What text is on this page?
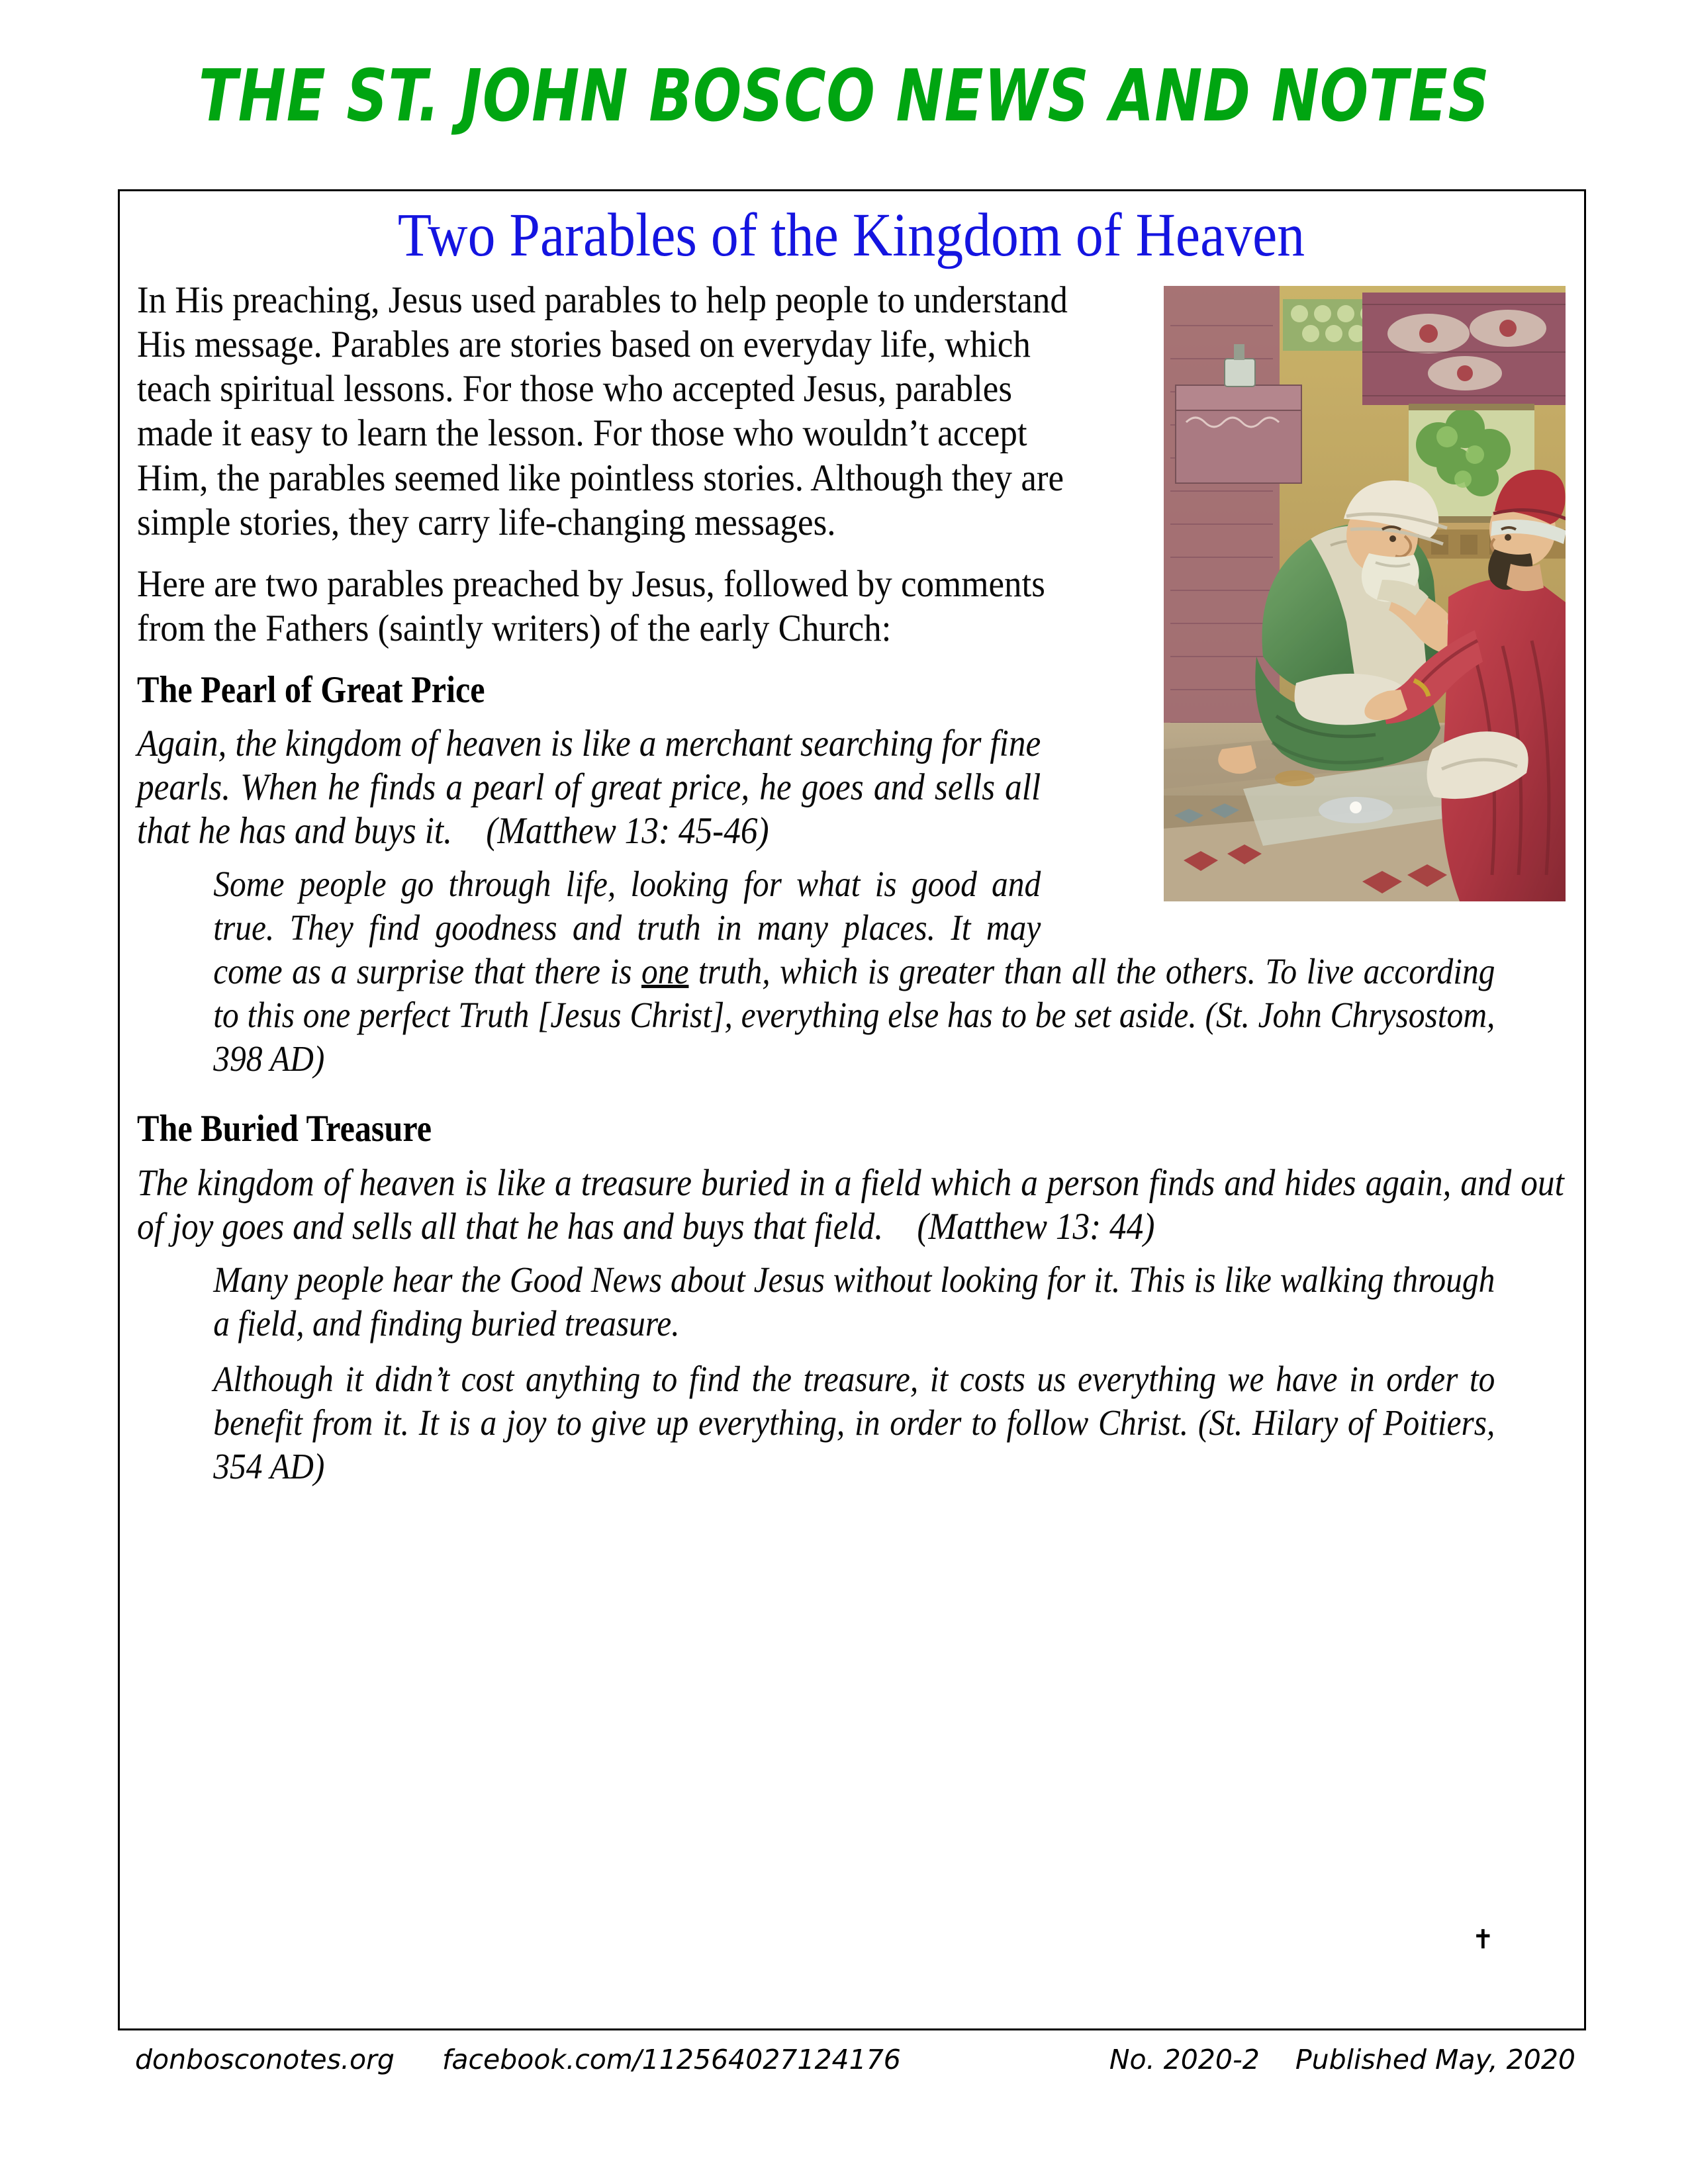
THE ST. JOHN BOSCO NEWS AND NOTES
Two Parables of the Kingdom of Heaven

In His preaching, Jesus used parables to help people to understand His message. Parables are stories based on everyday life, which teach spiritual lessons. For those who accepted Jesus, parables made it easy to learn the lesson. For those who wouldn’t accept Him, the parables seemed like pointless stories. Although they are simple stories, they carry life-changing messages.

Here are two parables preached by Jesus, followed by comments from the Fathers (saintly writers) of the early Church:

The Pearl of Great Price

Again, the kingdom of heaven is like a merchant searching for fine pearls. When he finds a pearl of great price, he goes and sells all that he has and buys it. (Matthew 13: 45-46)

Some people go through life, looking for what is good and true. They find goodness and truth in many places. It may come as a surprise that there is one truth, which is greater than all the others. To live according to this one perfect Truth [Jesus Christ], everything else has to be set aside. (St. John Chrysostom, 398 AD)

The Buried Treasure

The kingdom of heaven is like a treasure buried in a field which a person finds and hides again, and out of joy goes and sells all that he has and buys that field. (Matthew 13: 44)

Many people hear the Good News about Jesus without looking for it. This is like walking through a field, and finding buried treasure.

Although it didn’t cost anything to find the treasure, it costs us everything we have in order to benefit from it. It is a joy to give up everything, in order to follow Christ. (St. Hilary of Poitiers, 354 AD)

✝
donbosconotes.org facebook.com/112564027124176	No. 2020-2 Published May, 2020
